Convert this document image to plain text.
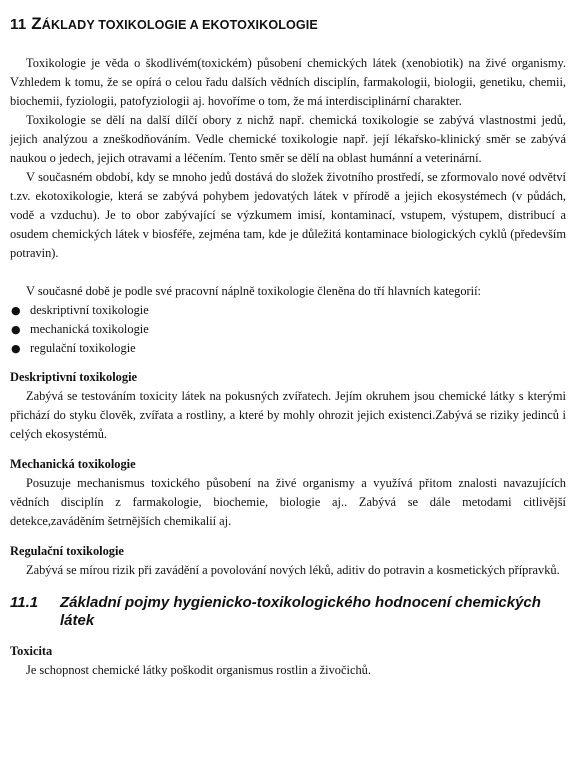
11 ZÁKLADY TOXIKOLOGIE A EKOTOXIKOLOGIE

Toxikologie je věda o škodlivém(toxickém) působení chemických látek (xenobiotik) na živé organismy. Vzhledem k tomu, že se opírá o celou řadu dalších vědních disciplín, farmakologii, biologii, genetiku, chemii, biochemii, fyziologii, patofyziologii aj. hovoříme o tom, že má interdisciplinární charakter.

Toxikologie se dělí na další dílčí obory z nichž např. chemická toxikologie se zabývá vlastnostmi jedů, jejich analýzou a zneškodňováním. Vedle chemické toxikologie např. její lékařsko-klinický směr se zabývá naukou o jedech, jejich otravami a léčením. Tento směr se dělí na oblast humánní a veterinární.

V současném období, kdy se mnoho jedů dostává do složek životního prostředí, se zformovalo nové odvětví t.zv. ekotoxikologie, která se zabývá pohybem jedovatých látek v přírodě a jejich ekosystémech (v půdách, vodě a vzduchu). Je to obor zabývající se výzkumem imisí, kontaminací, vstupem, výstupem, distribucí a osudem chemických látek v biosféře, zejména tam, kde je důležitá kontaminace biologických cyklů (především potravin).

V současné době je podle své pracovní náplně toxikologie členěna do tří hlavních kategorií:

● deskriptivní toxikologie
● mechanická toxikologie
● regulační toxikologie
Deskriptivní toxikologie

Zabývá se testováním toxicity látek na pokusných zvířatech. Jejím okruhem jsou chemické látky s kterými přichází do styku člověk, zvířata a rostliny, a které by mohly ohrozit jejich existenci.Zabývá se riziky jedinců i celých ekosystémů.

Mechanická toxikologie

Posuzuje mechanismus toxického působení na živé organismy a využívá přitom znalosti navazujících vědních disciplín z farmakologie, biochemie, biologie aj.. Zabývá se dále metodami citlivější detekce,zaváděním šetrnějších chemikalií aj.

Regulační toxikologie

Zabývá se mírou rizik při zavádění a povolování nových léků, aditiv do potravin a kosmetických přípravků.

11.1	Základní pojmy hygienicko-toxikologického hodnocení chemických látek
Toxicita

Je schopnost chemické látky poškodit organismus rostlin a živočichů.
